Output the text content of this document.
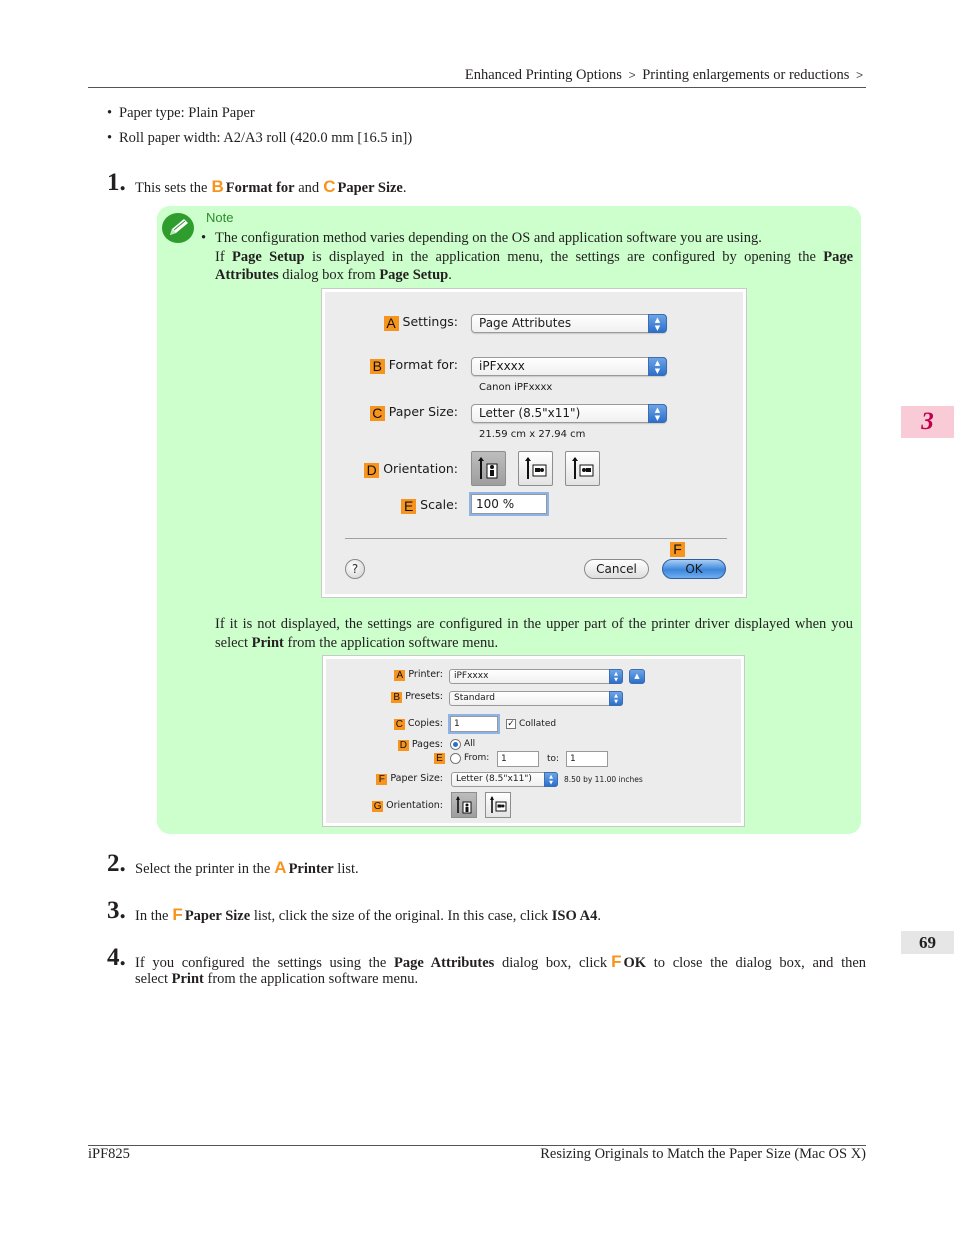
Enhanced Printing Options > Printing enlargements or reductions >
• Paper type: Plain Paper
• Roll paper width: A2/A3 roll (420.0 mm [16.5 in])
1. This sets the B Format for and C Paper Size.
Note
• The configuration method varies depending on the OS and application software you are using.
If Page Setup is displayed in the application menu, the settings are configured by opening the Page Attributes dialog box from Page Setup.
A Settings:	Page Attributes	▲
▼
B Format for:	iPFxxxx	▲
▼
Canon iPFxxxx
C Paper Size:	Letter (8.5"x11")	▲
▼
21.59 cm x 27.94 cm
D Orientation:
E Scale:	100 %
?	Cancel
F
OK
If it is not displayed, the settings are configured in the upper part of the printer driver displayed when you select Print from the application software menu.
A Printer:	iPFxxxx	▲
▼	▲
B Presets:	Standard	▲
▼
C Copies:	1	✓ Collated
D Pages: All
E From:	1	to:	1
F Paper Size:	Letter (8.5"x11")	▲
▼	8.50 by 11.00 inches
G Orientation:
2. Select the printer in the A Printer list.
3. In the F Paper Size list, click the size of the original. In this case, click ISO A4.
4. If you configured the settings using the Page Attributes dialog box, click F OK to close the dialog box, and then
select Print from the application software menu.
3
69
iPF825	Resizing Originals to Match the Paper Size (Mac OS X)
